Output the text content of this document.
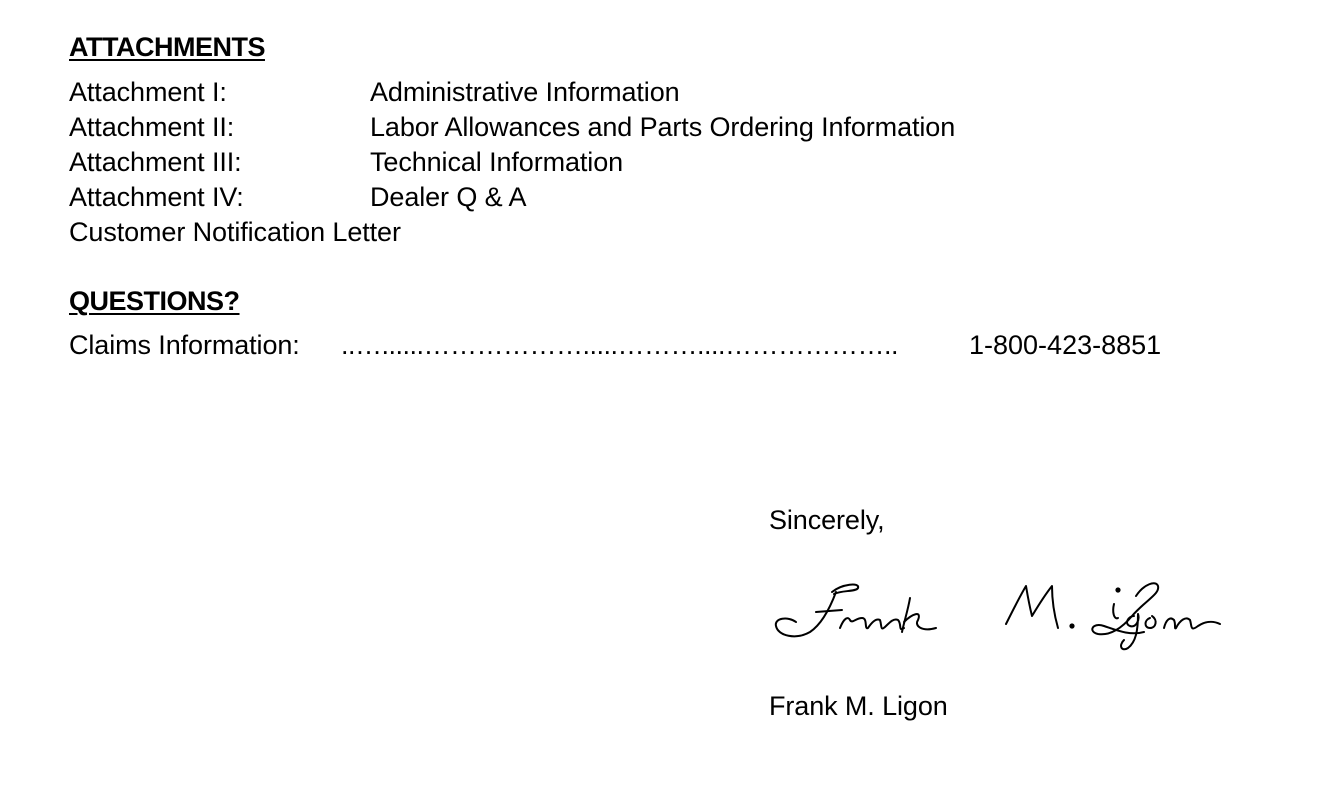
ATTACHMENTS
Attachment I:	Administrative Information
Attachment II:	Labor Allowances and Parts Ordering Information
Attachment III:	Technical Information
Attachment IV:	Dealer Q & A
Customer Notification Letter
QUESTIONS?
Claims Information: ..…......……………….....………....………………..	1-800-423-8851
Sincerely,
Frank M. Ligon
